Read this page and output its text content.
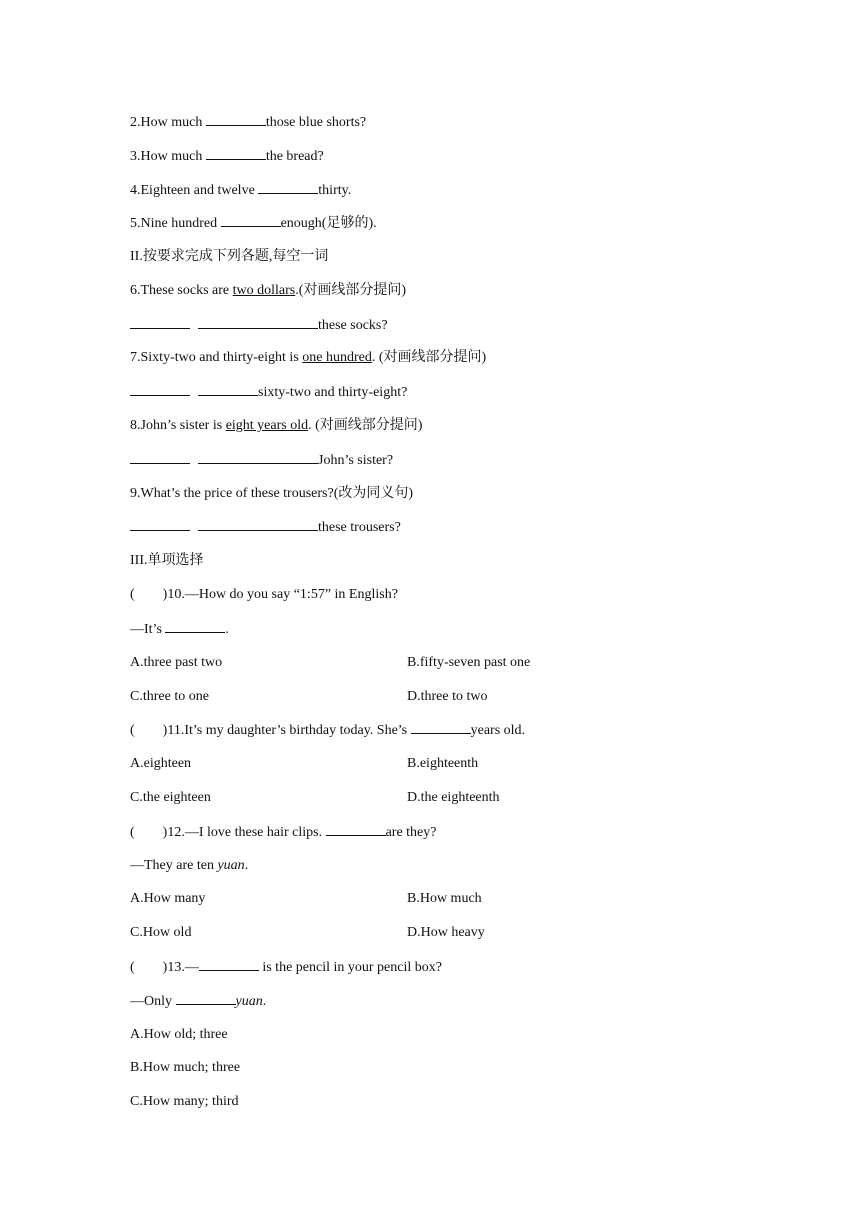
2.How much	those blue shorts?
3.How much	the bread?
4.Eighteen and twelve	thirty.
5.Nine hundred	enough(足够的).
II.按要求完成下列各题,每空一词
6.These socks are two dollars.(对画线部分提问)
these socks?
7.Sixty-two and thirty-eight is one hundred. (对画线部分提问)
sixty-two and thirty-eight?
8.John’s sister is eight years old. (对画线部分提问)
John’s sister?
9.What’s the price of these trousers?(改为同义句)
these trousers?
III.单项选择
( )10.—How do you say “1:57” in English?
—It’s	.
A.three past two	B.fifty-seven past one
C.three to one	D.three to two
( )11.It’s my daughter’s birthday today. She’s	years old.
A.eighteen	B.eighteenth
C.the eighteen	D.the eighteenth
( )12.—I love these hair clips.	are they?
—They are ten yuan.
A.How many	B.How much
C.How old	D.How heavy
( )13.—	is the pencil in your pencil box?
—Only	yuan.
A.How old; three
B.How much; three
C.How many; third
